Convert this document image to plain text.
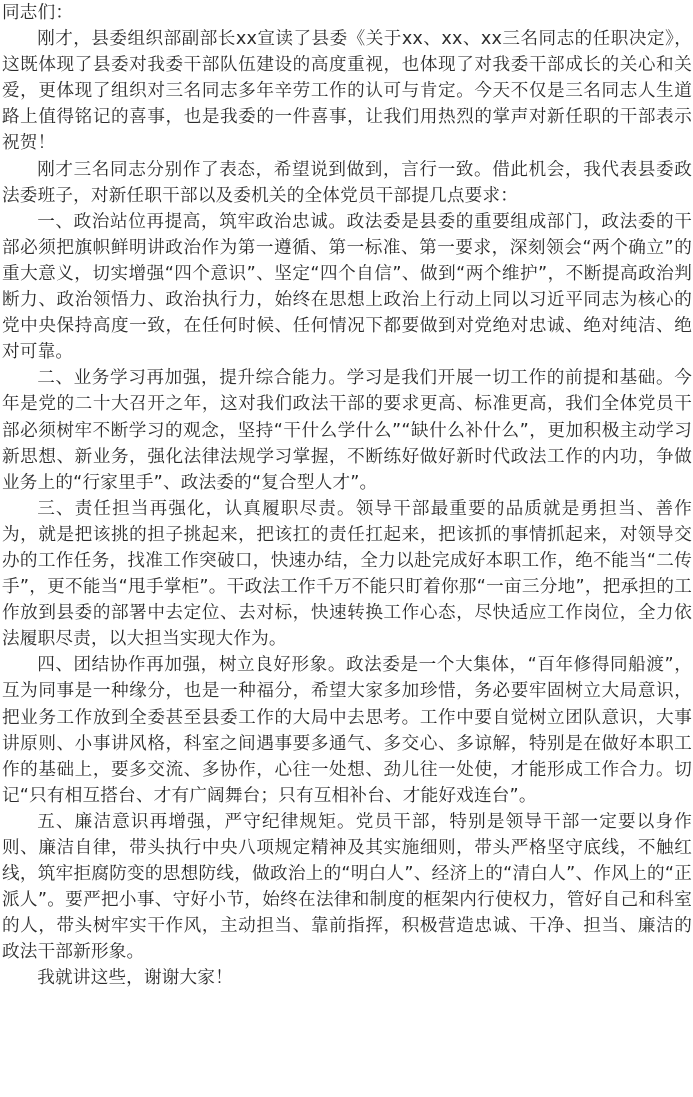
同志们：

刚才，县委组织部副部长xx宣读了县委《关于xx、xx、xx三名同志的任职决定》，这既体现了县委对我委干部队伍建设的高度重视，也体现了对我委干部成长的关心和关爱，更体现了组织对三名同志多年辛劳工作的认可与肯定。今天不仅是三名同志人生道路上值得铭记的喜事，也是我委的一件喜事，让我们用热烈的掌声对新任职的干部表示祝贺！

刚才三名同志分别作了表态，希望说到做到，言行一致。借此机会，我代表县委政法委班子，对新任职干部以及委机关的全体党员干部提几点要求：

一、政治站位再提高，筑牢政治忠诚。政法委是县委的重要组成部门，政法委的干部必须把旗帜鲜明讲政治作为第一遵循、第一标准、第一要求，深刻领会“两个确立”的重大意义，切实增强“四个意识”、坚定“四个自信”、做到“两个维护”，不断提高政治判断力、政治领悟力、政治执行力，始终在思想上政治上行动上同以习近平同志为核心的党中央保持高度一致，在任何时候、任何情况下都要做到对党绝对忠诚、绝对纯洁、绝对可靠。

二、业务学习再加强，提升综合能力。学习是我们开展一切工作的前提和基础。今年是党的二十大召开之年，这对我们政法干部的要求更高、标准更高，我们全体党员干部必须树牢不断学习的观念，坚持“干什么学什么”“缺什么补什么”，更加积极主动学习新思想、新业务，强化法律法规学习掌握，不断练好做好新时代政法工作的内功，争做业务上的“行家里手”、政法委的“复合型人才”。

三、责任担当再强化，认真履职尽责。领导干部最重要的品质就是勇担当、善作为，就是把该挑的担子挑起来，把该扛的责任扛起来，把该抓的事情抓起来，对领导交办的工作任务，找准工作突破口，快速办结，全力以赴完成好本职工作，绝不能当“二传手”，更不能当“甩手掌柜”。干政法工作千万不能只盯着你那“一亩三分地”，把承担的工作放到县委的部署中去定位、去对标，快速转换工作心态，尽快适应工作岗位，全力依法履职尽责，以大担当实现大作为。

四、团结协作再加强，树立良好形象。政法委是一个大集体，“百年修得同船渡”，互为同事是一种缘分，也是一种福分，希望大家多加珍惜，务必要牢固树立大局意识，把业务工作放到全委甚至县委工作的大局中去思考。工作中要自觉树立团队意识，大事讲原则、小事讲风格，科室之间遇事要多通气、多交心、多谅解，特别是在做好本职工作的基础上，要多交流、多协作，心往一处想、劲儿往一处使，才能形成工作合力。切记“只有相互搭台、才有广阔舞台；只有互相补台、才能好戏连台”。

五、廉洁意识再增强，严守纪律规矩。党员干部，特别是领导干部一定要以身作则、廉洁自律，带头执行中央八项规定精神及其实施细则，带头严格坚守底线，不触红线，筑牢拒腐防变的思想防线，做政治上的“明白人”、经济上的“清白人”、作风上的“正派人”。要严把小事、守好小节，始终在法律和制度的框架内行使权力，管好自己和科室的人，带头树牢实干作风，主动担当、靠前指挥，积极营造忠诚、干净、担当、廉洁的政法干部新形象。

我就讲这些，谢谢大家！
